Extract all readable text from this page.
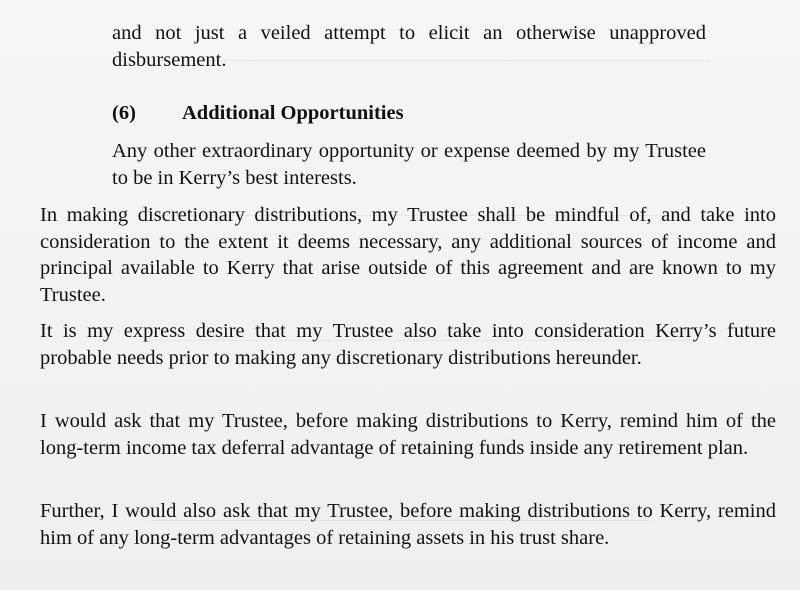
and not just a veiled attempt to elicit an otherwise unapproved disbursement.

(6) Additional Opportunities

Any other extraordinary opportunity or expense deemed by my Trustee to be in Kerry’s best interests.

In making discretionary distributions, my Trustee shall be mindful of, and take into consideration to the extent it deems necessary, any additional sources of income and principal available to Kerry that arise outside of this agreement and are known to my Trustee.

It is my express desire that my Trustee also take into consideration Kerry’s future probable needs prior to making any discretionary distributions hereunder.

I would ask that my Trustee, before making distributions to Kerry, remind him of the long-term income tax deferral advantage of retaining funds inside any retirement plan.

Further, I would also ask that my Trustee, before making distributions to Kerry, remind him of any long-term advantages of retaining assets in his trust share.
